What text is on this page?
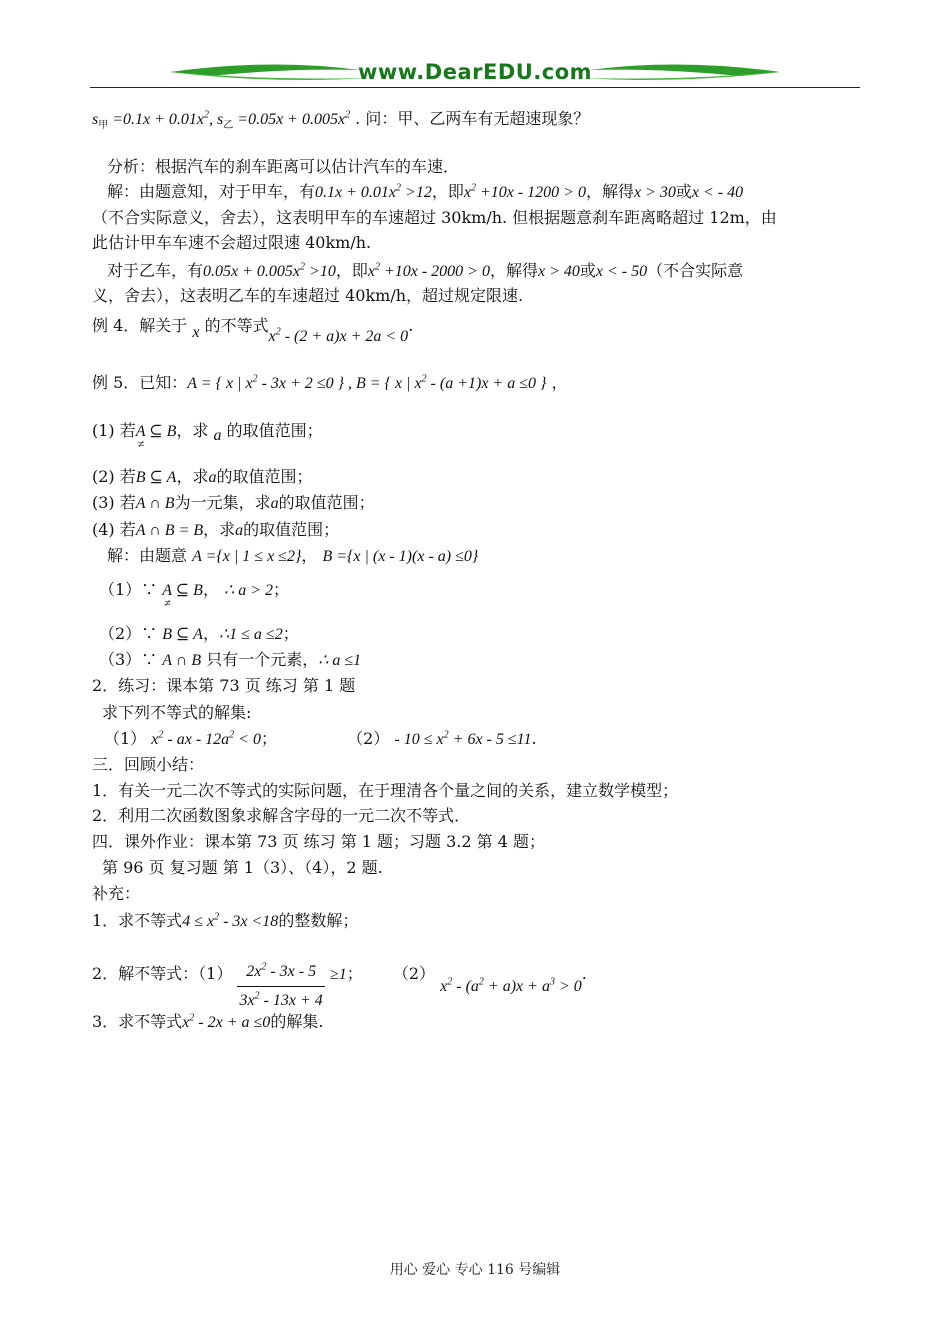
www.DearEDU.com
$s_甲 =0.1x + 0.01x^2$, $s_乙 =0.05x + 0.005x^2$ . 问：甲、乙两车有无超速现象？
分析：根据汽车的刹车距离可以估计汽车的车速．
解：由题意知，对于甲车，有$0.1x + 0.01x^2 >12$，即$x^2 +10x - 1200 > 0$，解得x > 30或x < - 40
（不合实际意义，舍去），这表明甲车的车速超过 30km/h. 但根据题意刹车距离略超过 12m，由
此估计甲车车速不会超过限速 40km/h.
对于乙车，有$0.05x + 0.005x^2 >10$，即$x^2 +10x - 2000 > 0$，解得x > 40或x < - 50（不合实际意
义，舍去），这表明乙车的车速超过 40km/h，超过规定限速.
例 4．解关于 x 的不等式$x^2 - (2 + a)x + 2a < 0$.
例 5．已知：A = { x | $x^2 - 3x + 2 \le 0$ } , B = { x | $x^2 - (a +1)x + a \le 0$ } ，
(1) 若A ⊆ B
≠
，求 a 的取值范围；
(2) 若B ⊆ A，求a的取值范围；
(3) 若A ∩ B为一元集，求a的取值范围；
(4) 若A ∩ B = B，求a的取值范围；
解：由题意 A ={x | 1 ≤ x ≤2}， B ={x | (x - 1)(x - a) ≤0}
（1）∵ A ⊆ B
≠
， ∴ a > 2；
（2）∵ B ⊆ A，∴1 ≤ a ≤2；
（3）∵ A ∩ B 只有一个元素，∴ a ≤1
2．练习：课本第 73 页 练习 第 1 题
求下列不等式的解集:
（1） $x^2$ - ax - $12a^2 < 0$；	$(2) - 10 \le x^2 + 6x - 5 \le 11$.
三．回顾小结：
1．有关一元二次不等式的实际问题，在于理清各个量之间的关系，建立数学模型；
2．利用二次函数图象求解含字母的一元二次不等式．
四．课外作业：课本第 73 页 练习 第 1 题；习题 3.2 第 4 题；
第 96 页 复习题 第 1（3）、（4），2 题.
补充：
1．求不等式$4 \le x^2 - 3x <18$的整数解；
2．解不等式：$(1) \frac{2x^2 - 3x - 5}{3x^2 - 13x + 4} \ge 1$；  （2） $x^2 - (a^2 + a)x + a^3 > 0$.
3．求不等式$x^2 - 2x + a \le 0$的解集.
用心 爱心 专心 116 号编辑
